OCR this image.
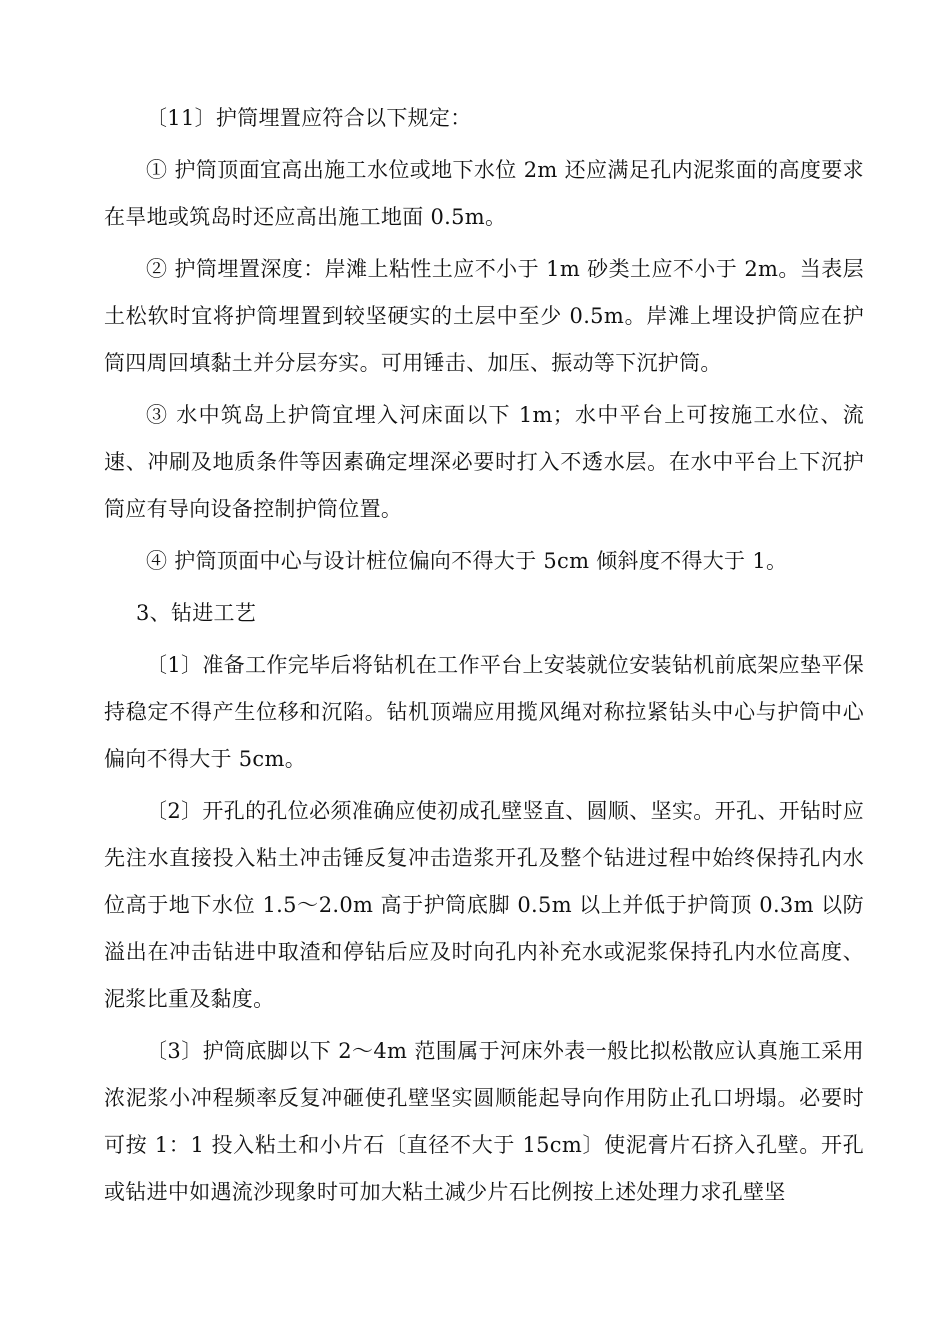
〔11〕护筒埋置应符合以下规定：

① 护筒顶面宜高出施工水位或地下水位 2m 还应满足孔内泥浆面的高度要求在旱地或筑岛时还应高出施工地面 0.5m。

② 护筒埋置深度：岸滩上粘性土应不小于 1m 砂类土应不小于 2m。当表层土松软时宜将护筒埋置到较坚硬实的土层中至少 0.5m。岸滩上埋设护筒应在护筒四周回填黏土并分层夯实。可用锤击、加压、振动等下沉护筒。

③ 水中筑岛上护筒宜埋入河床面以下 1m；水中平台上可按施工水位、流速、冲刷及地质条件等因素确定埋深必要时打入不透水层。在水中平台上下沉护筒应有导向设备控制护筒位置。

④ 护筒顶面中心与设计桩位偏向不得大于 5cm 倾斜度不得大于 1。

3、钻进工艺

〔1〕准备工作完毕后将钻机在工作平台上安装就位安装钻机前底架应垫平保持稳定不得产生位移和沉陷。钻机顶端应用揽风绳对称拉紧钻头中心与护筒中心偏向不得大于 5cm。

〔2〕开孔的孔位必须准确应使初成孔壁竖直、圆顺、坚实。开孔、开钻时应先注水直接投入粘土冲击锤反复冲击造浆开孔及整个钻进过程中始终保持孔内水位高于地下水位 1.5～2.0m 高于护筒底脚 0.5m 以上并低于护筒顶 0.3m 以防溢出在冲击钻进中取渣和停钻后应及时向孔内补充水或泥浆保持孔内水位高度、泥浆比重及黏度。

〔3〕护筒底脚以下 2～4m 范围属于河床外表一般比拟松散应认真施工采用浓泥浆小冲程频率反复冲砸使孔壁坚实圆顺能起导向作用防止孔口坍塌。必要时可按 1：1 投入粘土和小片石〔直径不大于 15cm〕使泥膏片石挤入孔壁。开孔或钻进中如遇流沙现象时可加大粘土减少片石比例按上述处理力求孔壁坚
